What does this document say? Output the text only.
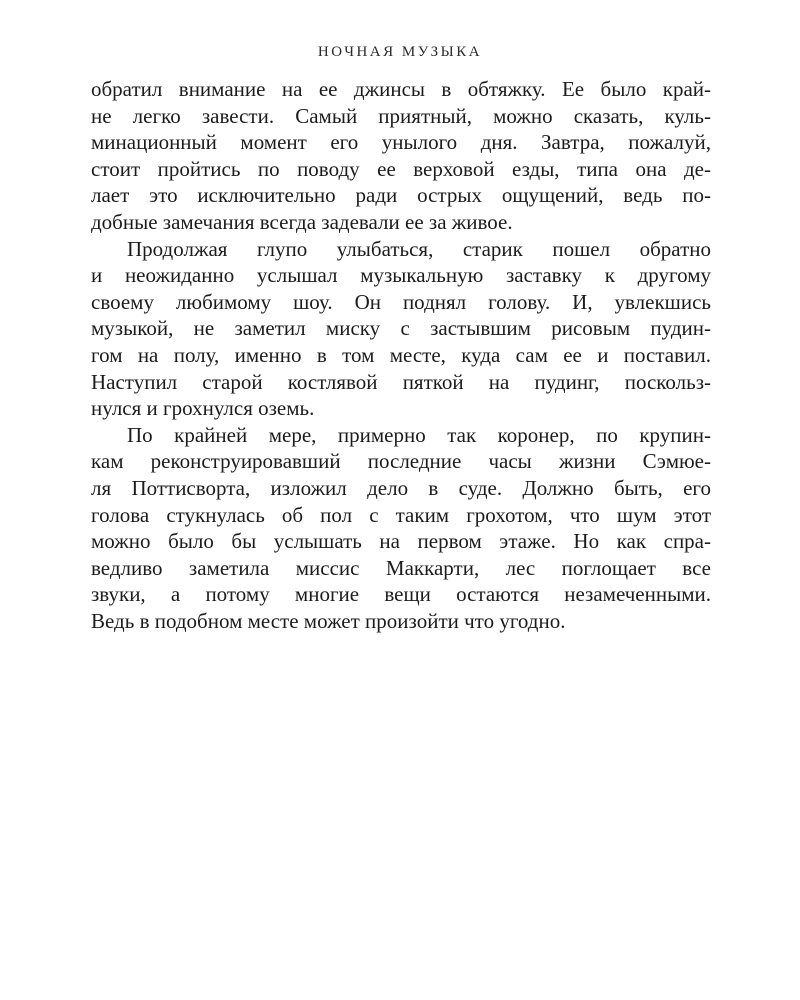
НОЧНАЯ МУЗЫКА
обратил внимание на ее джинсы в обтяжку. Ее было край-
не легко завести. Самый приятный, можно сказать, куль-
минационный момент его унылого дня. Завтра, пожалуй,
стоит пройтись по поводу ее верховой езды, типа она де-
лает это исключительно ради острых ощущений, ведь по-
добные замечания всегда задевали ее за живое.
Продолжая глупо улыбаться, старик пошел обратно
и неожиданно услышал музыкальную заставку к другому
своему любимому шоу. Он поднял голову. И, увлекшись
музыкой, не заметил миску с застывшим рисовым пудин-
гом на полу, именно в том месте, куда сам ее и поставил.
Наступил старой костлявой пяткой на пудинг, поскольз-
нулся и грохнулся оземь.
По крайней мере, примерно так коронер, по крупин-
кам реконструировавший последние часы жизни Сэмюе-
ля Поттисворта, изложил дело в суде. Должно быть, его
голова стукнулась об пол с таким грохотом, что шум этот
можно было бы услышать на первом этаже. Но как спра-
ведливо заметила миссис Маккарти, лес поглощает все
звуки, а потому многие вещи остаются незамеченными.
Ведь в подобном месте может произойти что угодно.
